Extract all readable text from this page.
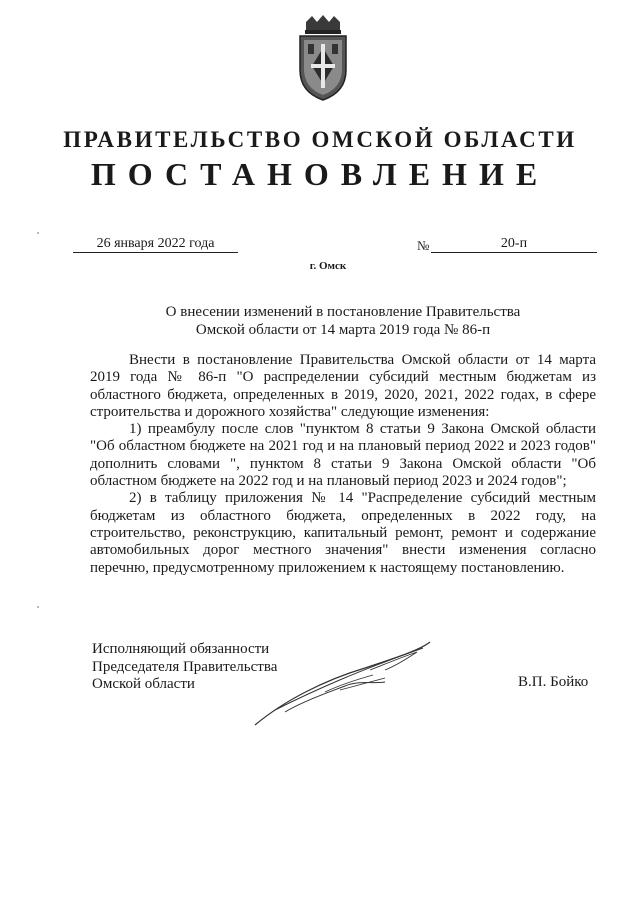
ПРАВИТЕЛЬСТВО ОМСКОЙ ОБЛАСТИ
ПОСТАНОВЛЕНИЕ
26 января 2022 года	№	20-п
г. Омск
О внесении изменений в постановление Правительства
Омской области от 14 марта 2019 года № 86-п

Внести в постановление Правительства Омской области от 14 марта 2019 года № 86-п "О распределении субсидий местным бюджетам из областного бюджета, определенных в 2019, 2020, 2021, 2022 годах, в сфере строительства и дорожного хозяйства" следующие изменения:

1) преамбулу после слов "пунктом 8 статьи 9 Закона Омской области "Об областном бюджете на 2021 год и на плановый период 2022 и 2023 годов" дополнить словами ", пунктом 8 статьи 9 Закона Омской области "Об областном бюджете на 2022 год и на плановый период 2023 и 2024 годов";

2) в таблицу приложения № 14 "Распределение субсидий местным бюджетам из областного бюджета, определенных в 2022 году, на строительство, реконструкцию, капитальный ремонт, ремонт и содержание автомобильных дорог местного значения" внести изменения согласно перечню, предусмотренному приложением к настоящему постановлению.

Исполняющий обязанности
Председателя Правительства
Омской области	В.П. Бойко
